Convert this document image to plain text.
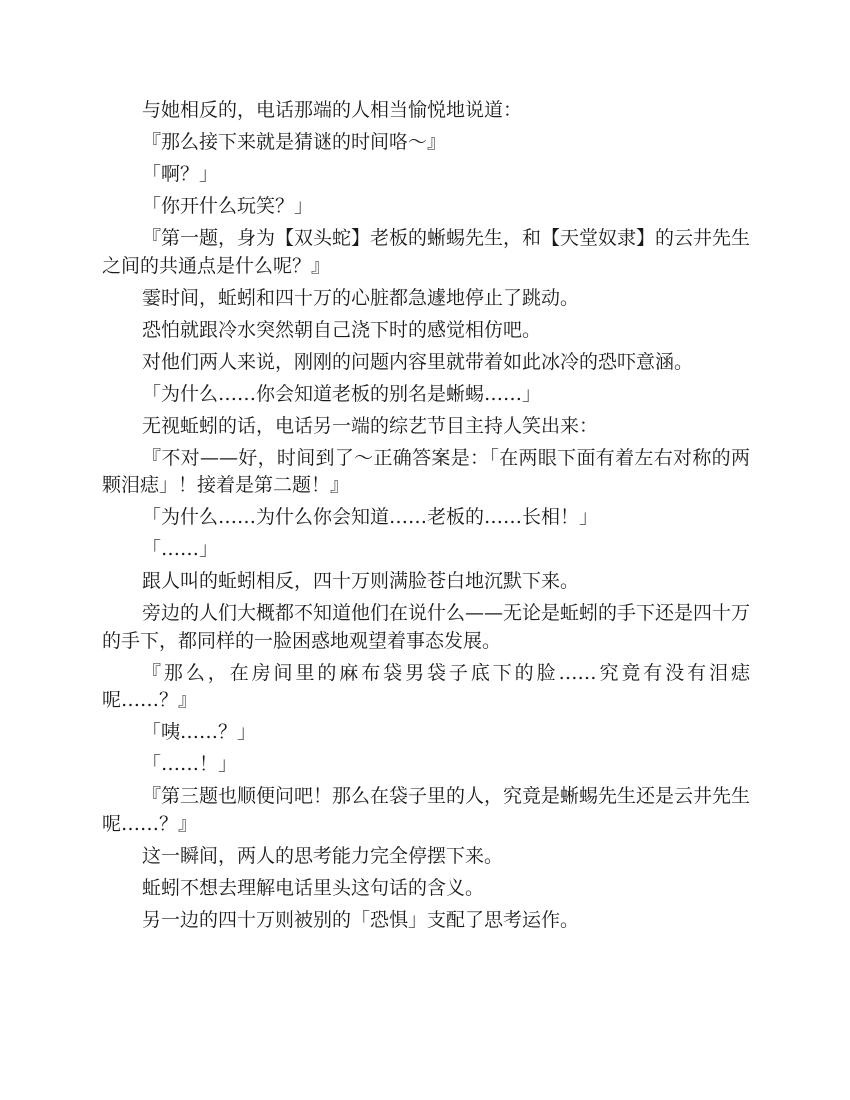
与她相反的，电话那端的人相当愉悦地说道：

『那么接下来就是猜谜的时间咯～』

「啊？」

「你开什么玩笑？」

『第一题，身为【双头蛇】老板的蜥蜴先生，和【天堂奴隶】的云井先生之间的共通点是什么呢？』

霎时间，蚯蚓和四十万的心脏都急遽地停止了跳动。

恐怕就跟冷水突然朝自己浇下时的感觉相仿吧。

对他们两人来说，刚刚的问题内容里就带着如此冰冷的恐吓意涵。

「为什么……你会知道老板的别名是蜥蜴……」

无视蚯蚓的话，电话另一端的综艺节目主持人笑出来：

『不对——好，时间到了～正确答案是：「在两眼下面有着左右对称的两颗泪痣」！接着是第二题！』

「为什么……为什么你会知道……老板的……长相！」

「……」

跟人叫的蚯蚓相反，四十万则满脸苍白地沉默下来。

旁边的人们大概都不知道他们在说什么——无论是蚯蚓的手下还是四十万的手下，都同样的一脸困惑地观望着事态发展。

『那么，在房间里的麻布袋男袋子底下的脸……究竟有没有泪痣呢……？』

「咦……？」

「……！」

『第三题也顺便问吧！那么在袋子里的人，究竟是蜥蜴先生还是云井先生呢……？』

这一瞬间，两人的思考能力完全停摆下来。

蚯蚓不想去理解电话里头这句话的含义。

另一边的四十万则被别的「恐惧」支配了思考运作。
